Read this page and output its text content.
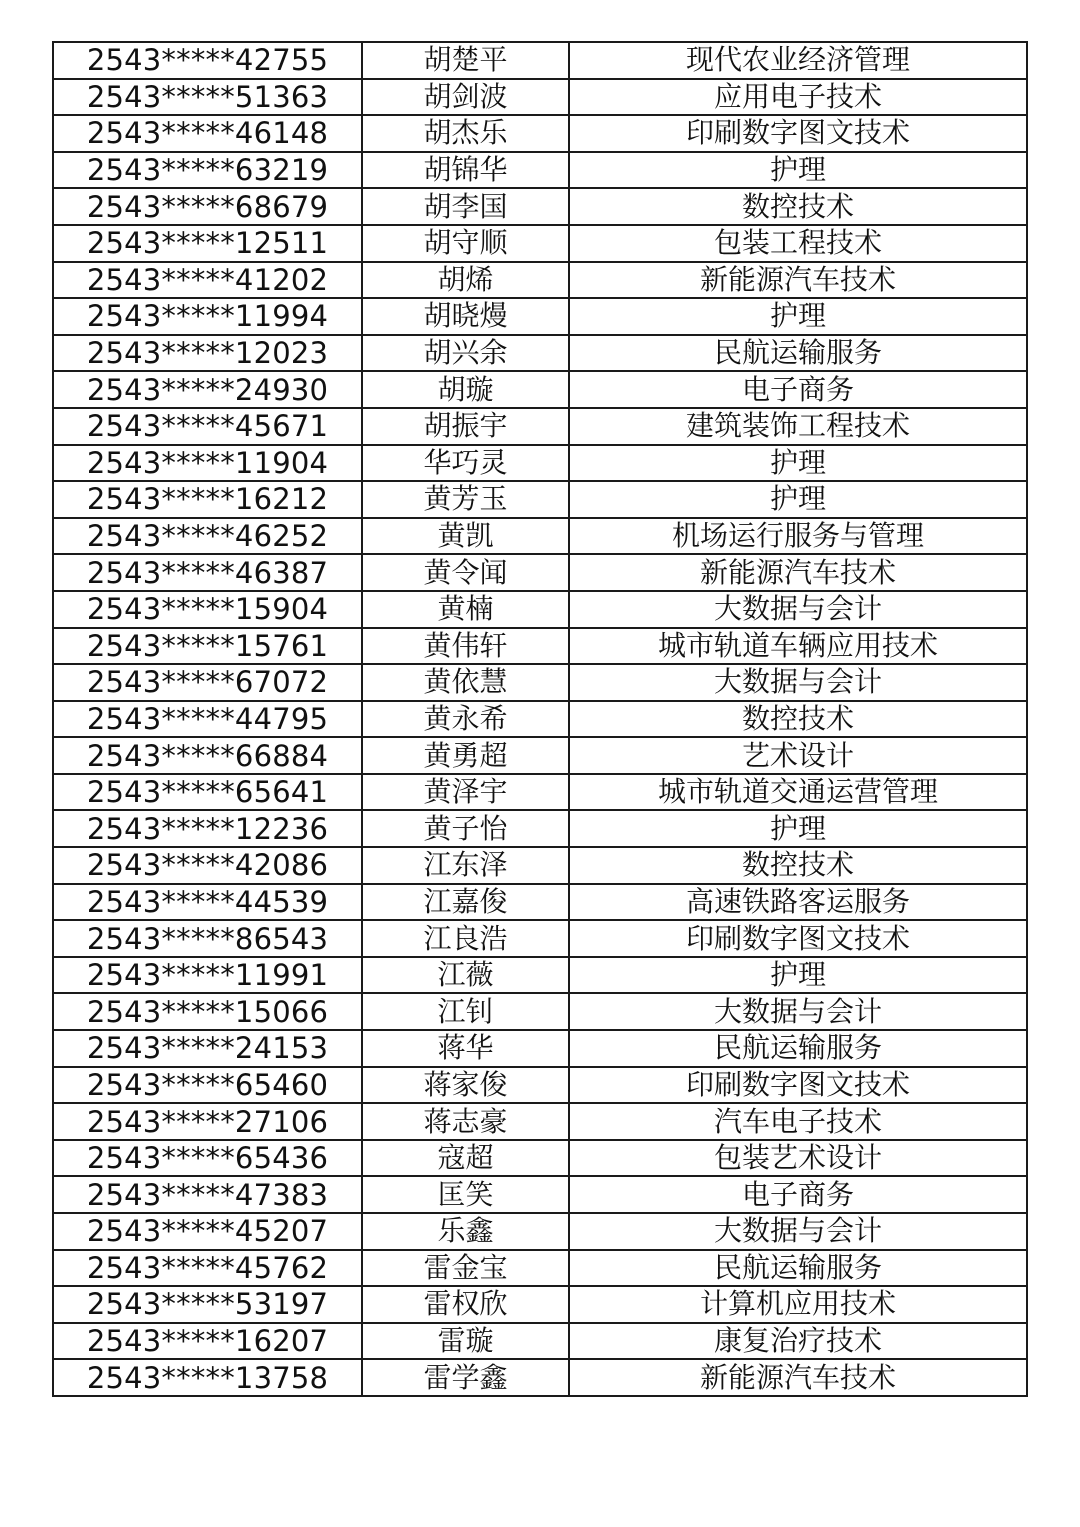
2543*****42755	胡楚平	现代农业经济管理
2543*****51363	胡剑波	应用电子技术
2543*****46148	胡杰乐	印刷数字图文技术
2543*****63219	胡锦华	护理
2543*****68679	胡李国	数控技术
2543*****12511	胡守顺	包装工程技术
2543*****41202	胡烯	新能源汽车技术
2543*****11994	胡晓熳	护理
2543*****12023	胡兴余	民航运输服务
2543*****24930	胡璇	电子商务
2543*****45671	胡振宇	建筑装饰工程技术
2543*****11904	华巧灵	护理
2543*****16212	黄芳玉	护理
2543*****46252	黄凯	机场运行服务与管理
2543*****46387	黄令闻	新能源汽车技术
2543*****15904	黄楠	大数据与会计
2543*****15761	黄伟轩	城市轨道车辆应用技术
2543*****67072	黄依慧	大数据与会计
2543*****44795	黄永希	数控技术
2543*****66884	黄勇超	艺术设计
2543*****65641	黄泽宇	城市轨道交通运营管理
2543*****12236	黄子怡	护理
2543*****42086	江东泽	数控技术
2543*****44539	江嘉俊	高速铁路客运服务
2543*****86543	江良浩	印刷数字图文技术
2543*****11991	江薇	护理
2543*****15066	江钊	大数据与会计
2543*****24153	蒋华	民航运输服务
2543*****65460	蒋家俊	印刷数字图文技术
2543*****27106	蒋志豪	汽车电子技术
2543*****65436	寇超	包装艺术设计
2543*****47383	匡笑	电子商务
2543*****45207	乐鑫	大数据与会计
2543*****45762	雷金宝	民航运输服务
2543*****53197	雷权欣	计算机应用技术
2543*****16207	雷璇	康复治疗技术
2543*****13758	雷学鑫	新能源汽车技术
